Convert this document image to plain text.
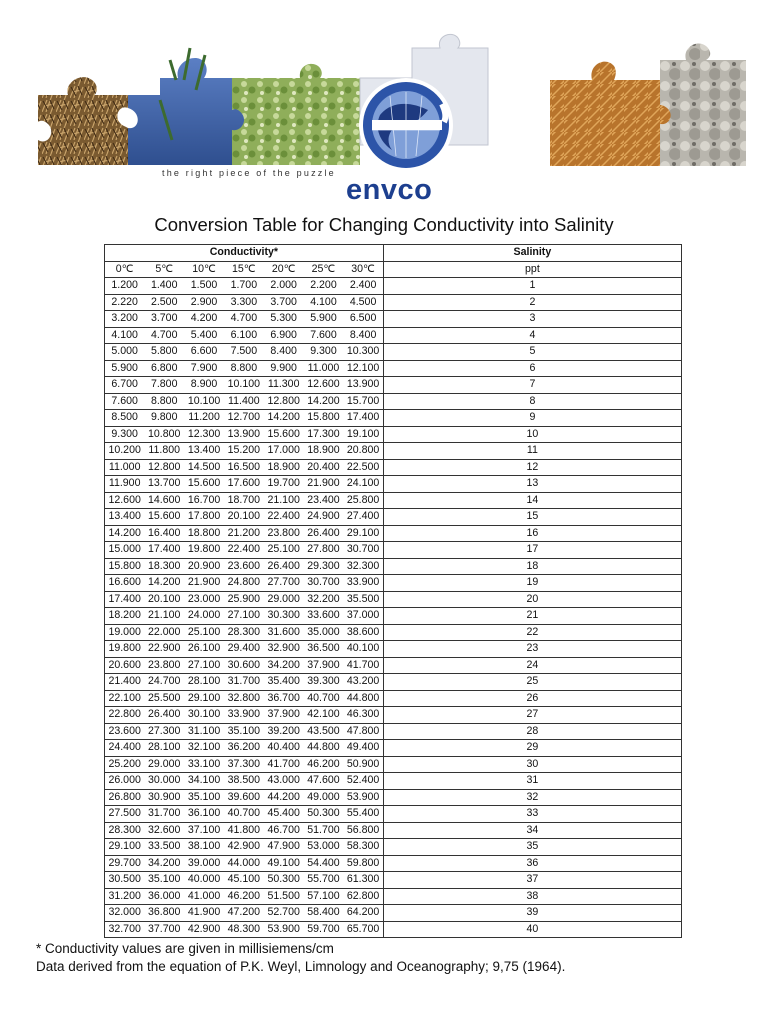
the right piece of the puzzle
envco
Conversion Table for Changing Conductivity into Salinity
Conductivity*							Salinity
0℃	5℃	10℃	15℃	20℃	25℃	30℃	ppt
1.200	1.400	1.500	1.700	2.000	2.200	2.400	1
2.220	2.500	2.900	3.300	3.700	4.100	4.500	2
3.200	3.700	4.200	4.700	5.300	5.900	6.500	3
4.100	4.700	5.400	6.100	6.900	7.600	8.400	4
5.000	5.800	6.600	7.500	8.400	9.300	10.300	5
5.900	6.800	7.900	8.800	9.900	11.000	12.100	6
6.700	7.800	8.900	10.100	11.300	12.600	13.900	7
7.600	8.800	10.100	11.400	12.800	14.200	15.700	8
8.500	9.800	11.200	12.700	14.200	15.800	17.400	9
9.300	10.800	12.300	13.900	15.600	17.300	19.100	10
10.200	11.800	13.400	15.200	17.000	18.900	20.800	11
11.000	12.800	14.500	16.500	18.900	20.400	22.500	12
11.900	13.700	15.600	17.600	19.700	21.900	24.100	13
12.600	14.600	16.700	18.700	21.100	23.400	25.800	14
13.400	15.600	17.800	20.100	22.400	24.900	27.400	15
14.200	16.400	18.800	21.200	23.800	26.400	29.100	16
15.000	17.400	19.800	22.400	25.100	27.800	30.700	17
15.800	18.300	20.900	23.600	26.400	29.300	32.300	18
16.600	14.200	21.900	24.800	27.700	30.700	33.900	19
17.400	20.100	23.000	25.900	29.000	32.200	35.500	20
18.200	21.100	24.000	27.100	30.300	33.600	37.000	21
19.000	22.000	25.100	28.300	31.600	35.000	38.600	22
19.800	22.900	26.100	29.400	32.900	36.500	40.100	23
20.600	23.800	27.100	30.600	34.200	37.900	41.700	24
21.400	24.700	28.100	31.700	35.400	39.300	43.200	25
22.100	25.500	29.100	32.800	36.700	40.700	44.800	26
22.800	26.400	30.100	33.900	37.900	42.100	46.300	27
23.600	27.300	31.100	35.100	39.200	43.500	47.800	28
24.400	28.100	32.100	36.200	40.400	44.800	49.400	29
25.200	29.000	33.100	37.300	41.700	46.200	50.900	30
26.000	30.000	34.100	38.500	43.000	47.600	52.400	31
26.800	30.900	35.100	39.600	44.200	49.000	53.900	32
27.500	31.700	36.100	40.700	45.400	50.300	55.400	33
28.300	32.600	37.100	41.800	46.700	51.700	56.800	34
29.100	33.500	38.100	42.900	47.900	53.000	58.300	35
29.700	34.200	39.000	44.000	49.100	54.400	59.800	36
30.500	35.100	40.000	45.100	50.300	55.700	61.300	37
31.200	36.000	41.000	46.200	51.500	57.100	62.800	38
32.000	36.800	41.900	47.200	52.700	58.400	64.200	39
32.700	37.700	42.900	48.300	53.900	59.700	65.700	40
* Conductivity values are given in millisiemens/cm
Data derived from the equation of P.K. Weyl, Limnology and Oceanography; 9,75 (1964).
